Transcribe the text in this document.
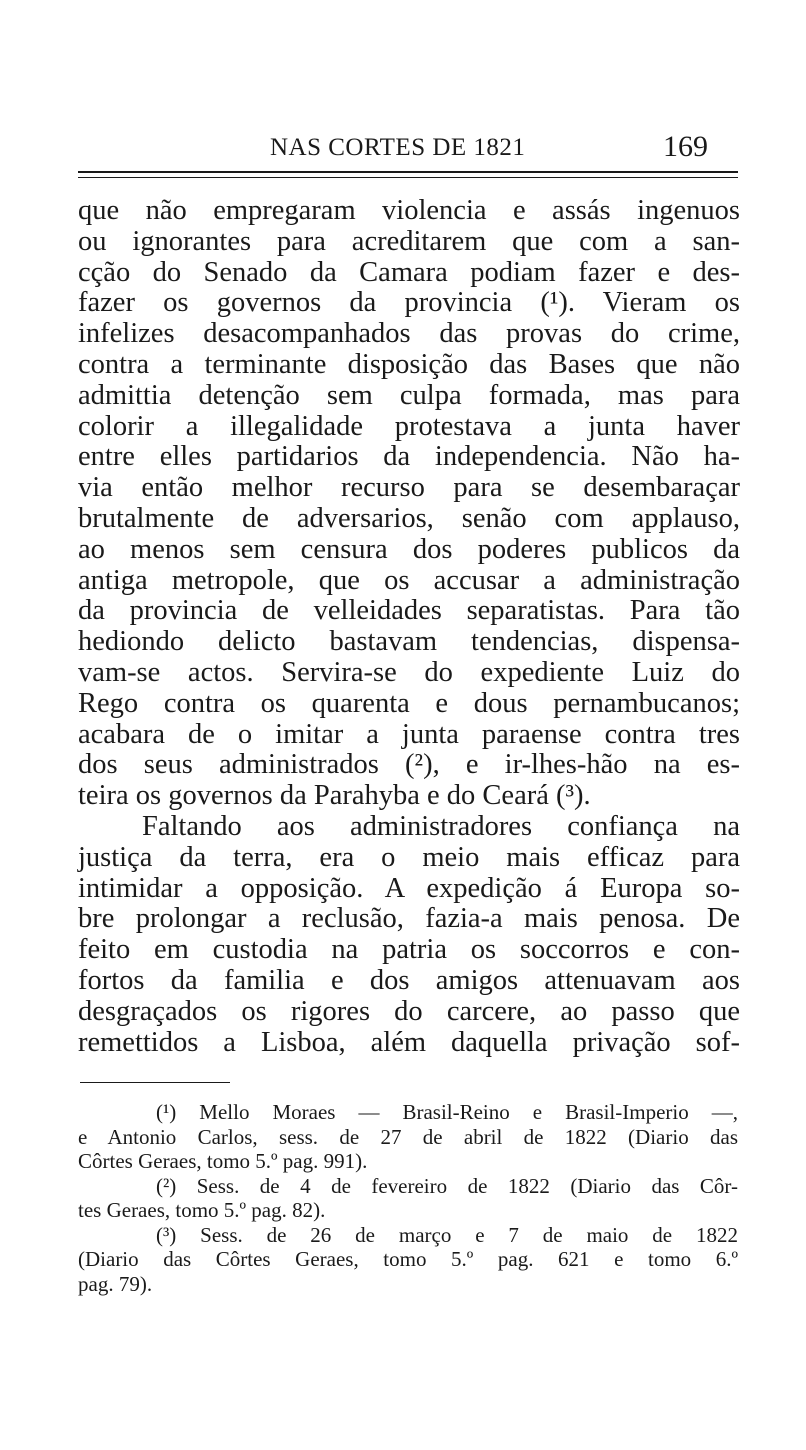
NAS CORTES DE 1821	169
que não empregaram violencia e assás ingenuos
ou ignorantes para acreditarem que com a san-
cção do Senado da Camara podiam fazer e des-
fazer os governos da provincia (¹). Vieram os
infelizes desacompanhados das provas do crime,
contra a terminante disposição das Bases que não
admittia detenção sem culpa formada, mas para
colorir a illegalidade protestava a junta haver
entre elles partidarios da independencia. Não ha-
via então melhor recurso para se desembaraçar
brutalmente de adversarios, senão com applauso,
ao menos sem censura dos poderes publicos da
antiga metropole, que os accusar a administração
da provincia de velleidades separatistas. Para tão
hediondo delicto bastavam tendencias, dispensa-
vam-se actos. Servira-se do expediente Luiz do
Rego contra os quarenta e dous pernambucanos;
acabara de o imitar a junta paraense contra tres
dos seus administrados (²), e ir-lhes-hão na es-
teira os governos da Parahyba e do Ceará (³).
Faltando aos administradores confiança na
justiça da terra, era o meio mais efficaz para
intimidar a opposição. A expedição á Europa so-
bre prolongar a reclusão, fazia-a mais penosa. De
feito em custodia na patria os soccorros e con-
fortos da familia e dos amigos attenuavam aos
desgraçados os rigores do carcere, ao passo que
remettidos a Lisboa, além daquella privação sof-
(¹) Mello Moraes — Brasil-Reino e Brasil-Imperio —,
e Antonio Carlos, sess. de 27 de abril de 1822 (Diario das
Côrtes Geraes, tomo 5.º pag. 991).
(²) Sess. de 4 de fevereiro de 1822 (Diario das Côr-
tes Geraes, tomo 5.º pag. 82).
(³) Sess. de 26 de março e 7 de maio de 1822
(Diario das Côrtes Geraes, tomo 5.º pag. 621 e tomo 6.º
pag. 79).
